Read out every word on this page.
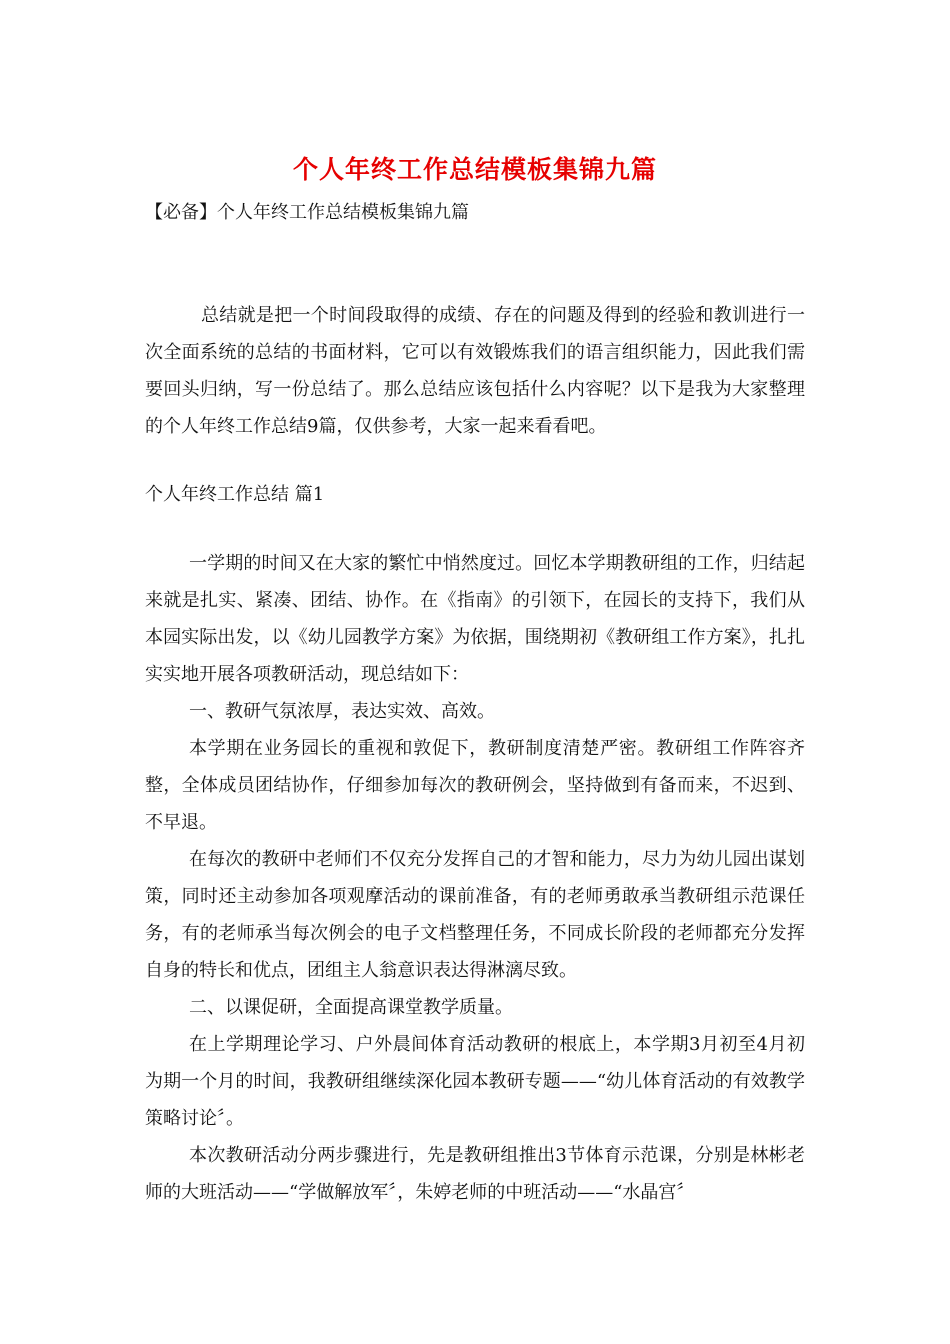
个人年终工作总结模板集锦九篇
【必备】个人年终工作总结模板集锦九篇

总结就是把一个时间段取得的成绩、存在的问题及得到的经验和教训进行一次全面系统的总结的书面材料，它可以有效锻炼我们的语言组织能力，因此我们需要回头归纳，写一份总结了。那么总结应该包括什么内容呢？以下是我为大家整理的个人年终工作总结9篇，仅供参考，大家一起来看看吧。

个人年终工作总结 篇1

一学期的时间又在大家的繁忙中悄然度过。回忆本学期教研组的工作，归结起来就是扎实、紧凑、团结、协作。在《指南》的引领下，在园长的支持下，我们从本园实际出发，以《幼儿园教学方案》为依据，围绕期初《教研组工作方案》，扎扎实实地开展各项教研活动，现总结如下：

一、教研气氛浓厚，表达实效、高效。

本学期在业务园长的重视和敦促下，教研制度清楚严密。教研组工作阵容齐整，全体成员团结协作，仔细参加每次的教研例会，坚持做到有备而来，不迟到、不早退。

在每次的教研中老师们不仅充分发挥自己的才智和能力，尽力为幼儿园出谋划策，同时还主动参加各项观摩活动的课前准备，有的老师勇敢承当教研组示范课任务，有的老师承当每次例会的电子文档整理任务，不同成长阶段的老师都充分发挥自身的特长和优点，团组主人翁意识表达得淋漓尽致。

二、以课促研，全面提高课堂教学质量。

在上学期理论学习、户外晨间体育活动教研的根底上，本学期3月初至4月初为期一个月的时间，我教研组继续深化园本教研专题——“幼儿体育活动的有效教学策略讨论〞。

本次教研活动分两步骤进行，先是教研组推出3节体育示范课，分别是林彬老师的大班活动——“学做解放军〞，朱婷老师的中班活动——“水晶宫〞
